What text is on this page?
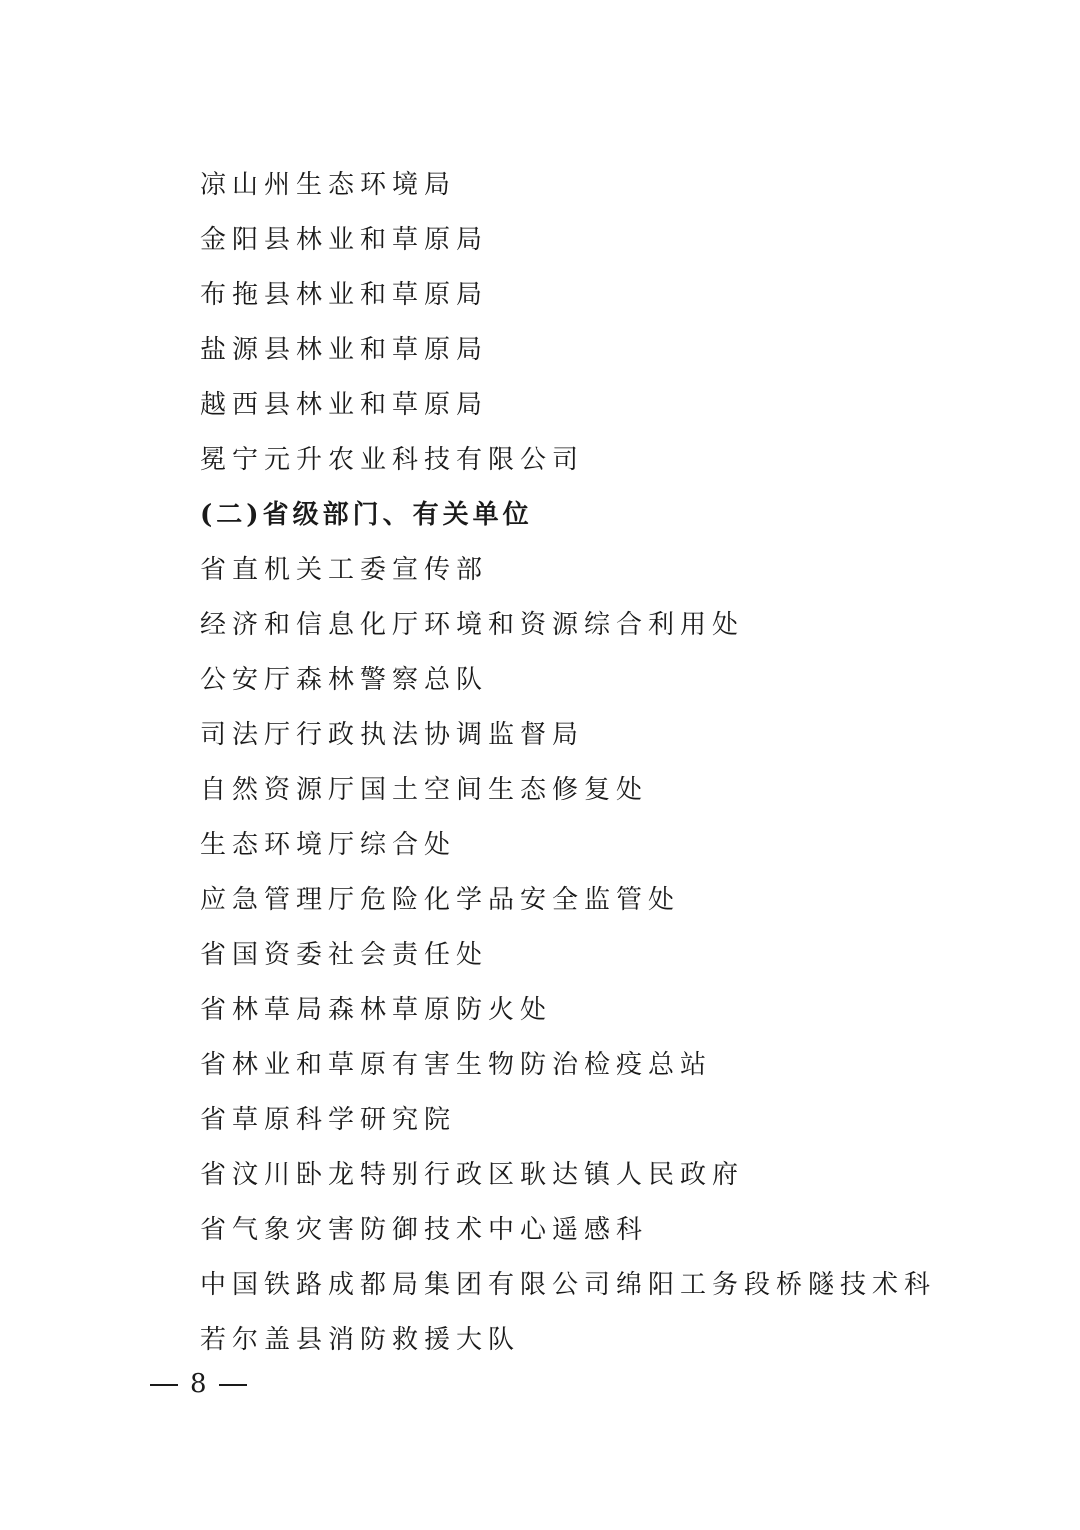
凉山州生态环境局
金阳县林业和草原局
布拖县林业和草原局
盐源县林业和草原局
越西县林业和草原局
冕宁元升农业科技有限公司
(二)省级部门、有关单位
省直机关工委宣传部
经济和信息化厅环境和资源综合利用处
公安厅森林警察总队
司法厅行政执法协调监督局
自然资源厅国土空间生态修复处
生态环境厅综合处
应急管理厅危险化学品安全监管处
省国资委社会责任处
省林草局森林草原防火处
省林业和草原有害生物防治检疫总站
省草原科学研究院
省汶川卧龙特别行政区耿达镇人民政府
省气象灾害防御技术中心遥感科
中国铁路成都局集团有限公司绵阳工务段桥隧技术科
若尔盖县消防救援大队
8
